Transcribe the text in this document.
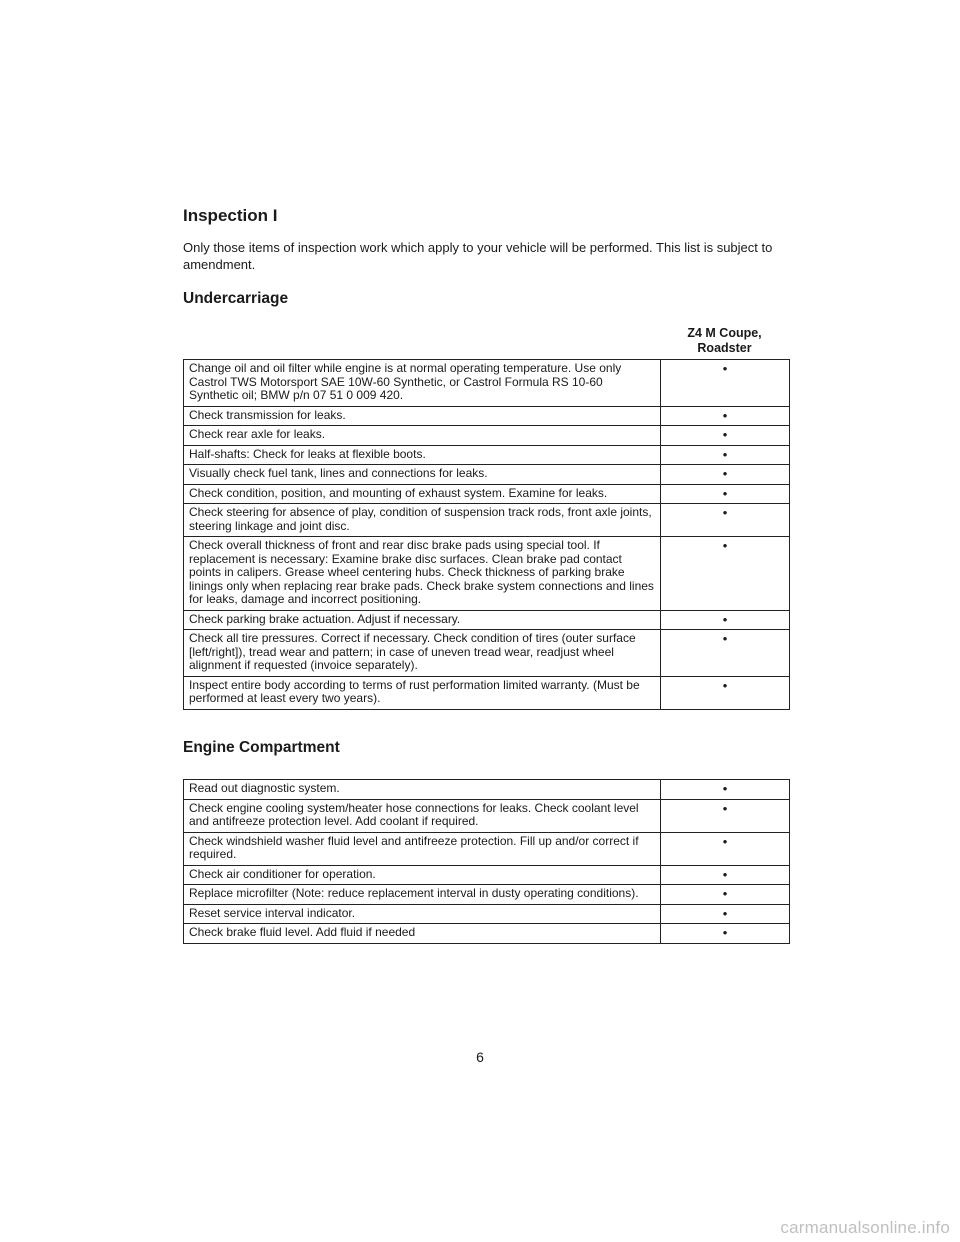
Inspection I

Only those items of inspection work which apply to your vehicle will be performed. This list is subject to amendment.

Undercarriage
Z4 M Coupe, Roadster
Change oil and oil filter while engine is at normal operating temperature. Use only Castrol TWS Motorsport SAE 10W-60 Synthetic, or Castrol Formula RS 10-60 Synthetic oil; BMW p/n 07 51 0 009 420.	•
Check transmission for leaks.	•
Check rear axle for leaks.	•
Half-shafts: Check for leaks at flexible boots.	•
Visually check fuel tank, lines and connections for leaks.	•
Check condition, position, and mounting of exhaust system. Examine for leaks.	•
Check steering for absence of play, condition of suspension track rods, front axle joints, steering linkage and joint disc.	•
Check overall thickness of front and rear disc brake pads using special tool. If replacement is necessary: Examine brake disc surfaces. Clean brake pad contact points in calipers. Grease wheel centering hubs. Check thickness of parking brake linings only when replacing rear brake pads. Check brake system connections and lines for leaks, damage and incorrect positioning.	•
Check parking brake actuation. Adjust if necessary.	•
Check all tire pressures. Correct if necessary. Check condition of tires (outer surface [left/right]), tread wear and pattern; in case of uneven tread wear, readjust wheel alignment if requested (invoice separately).	•
Inspect entire body according to terms of rust performation limited warranty. (Must be performed at least every two years).	•
Engine Compartment
Read out diagnostic system.	•
Check engine cooling system/heater hose connections for leaks. Check coolant level and antifreeze protection level. Add coolant if required.	•
Check windshield washer fluid level and antifreeze protection. Fill up and/or correct if required.	•
Check air conditioner for operation.	•
Replace microfilter (Note: reduce replacement interval in dusty operating conditions).	•
Reset service interval indicator.	•
Check brake fluid level. Add fluid if needed	•
6
carmanualsonline.info
